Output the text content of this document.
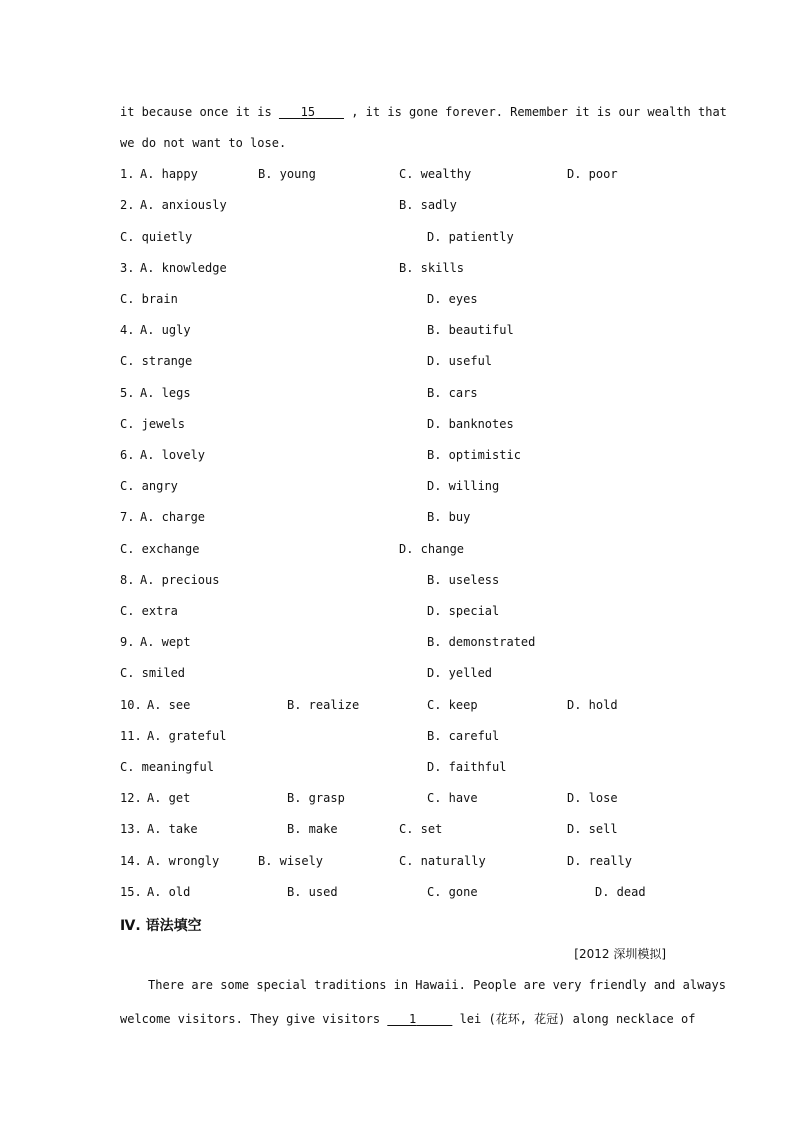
it because once it is    15     , it is gone forever. Remember it is our wealth that
we do not want to lose.
1. A. happy	B. young	C. wealthy	D. poor
2. A. anxiously	B. sadly
C. quietly	D. patiently
3. A. knowledge	B. skills
C. brain	D. eyes
4. A. ugly	B. beautiful
C. strange	D. useful
5. A. legs	B. cars
C. jewels	D. banknotes
6. A. lovely	B. optimistic
C. angry	D. willing
7. A. charge	B. buy
C. exchange	D. change
8. A. precious	B. useless
C. extra	D. special
9. A. wept	B. demonstrated
C. smiled	D. yelled
10. A. see	B. realize	C. keep	D. hold
11. A. grateful	B. careful
C. meaningful	D. faithful
12. A. get	B. grasp	C. have	D. lose
13. A. take	B. make	C. set	D. sell
14. A. wrongly	B. wisely	C. naturally	D. really
15. A. old	B. used	C. gone	D. dead
Ⅳ. 语法填空
[2012 深圳模拟]
There are some special traditions in Hawaii. People are very friendly and always
welcome visitors. They give visitors    1	lei (花环, 花冠) along necklace of
